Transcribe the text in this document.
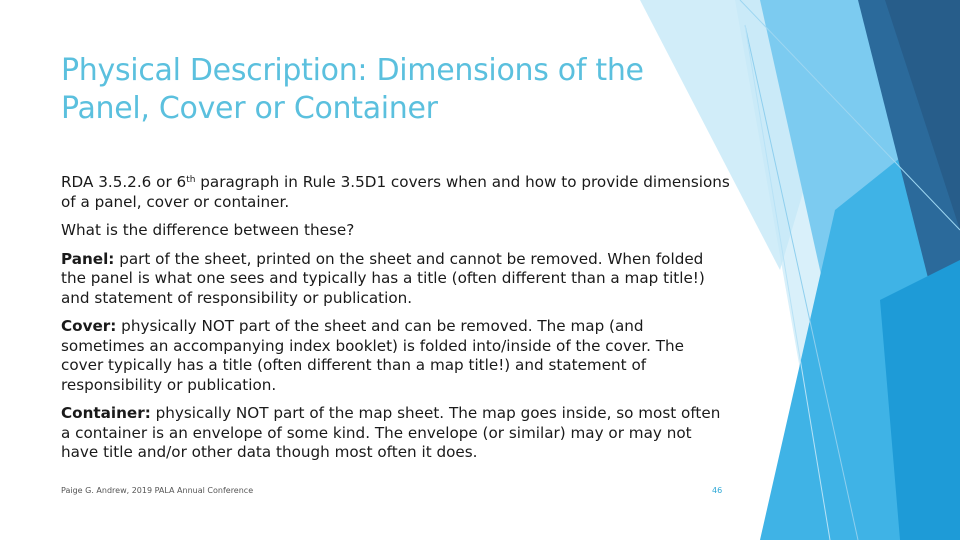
Physical Description: Dimensions of the
Panel, Cover or Container

RDA 3.5.2.6 or 6th paragraph in Rule 3.5D1 covers when and how to provide dimensions of a panel, cover or container.

What is the difference between these?

Panel: part of the sheet, printed on the sheet and cannot be removed. When folded the panel is what one sees and typically has a title (often different than a map title!) and statement of responsibility or publication.

Cover: physically NOT part of the sheet and can be removed. The map (and sometimes an accompanying index booklet) is folded into/inside of the cover. The cover typically has a title (often different than a map title!) and statement of responsibility or publication.

Container: physically NOT part of the map sheet. The map goes inside, so most often a container is an envelope of some kind. The envelope (or similar) may or may not have title and/or other data though most often it does.

Paige G. Andrew, 2019 PALA Annual Conference	46
